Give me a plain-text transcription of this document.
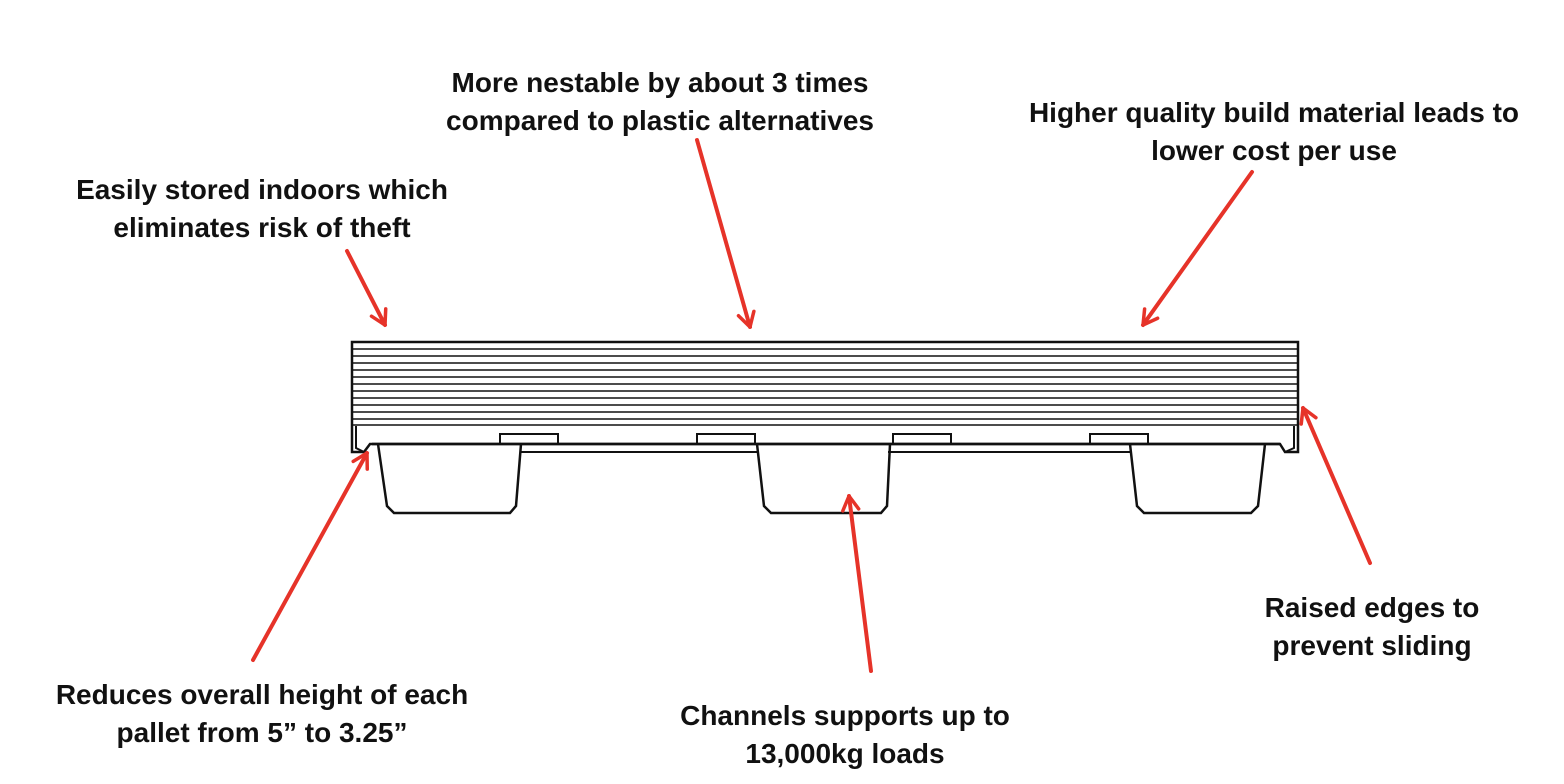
More nestable by about 3 times
compared to plastic alternatives	Higher quality build material leads to
lower cost per use
Easily stored indoors which
eliminates risk of theft
Reduces overall height of each
pallet from 5” to 3.25”
Channels supports up to
13,000kg loads
Raised edges to
prevent sliding
